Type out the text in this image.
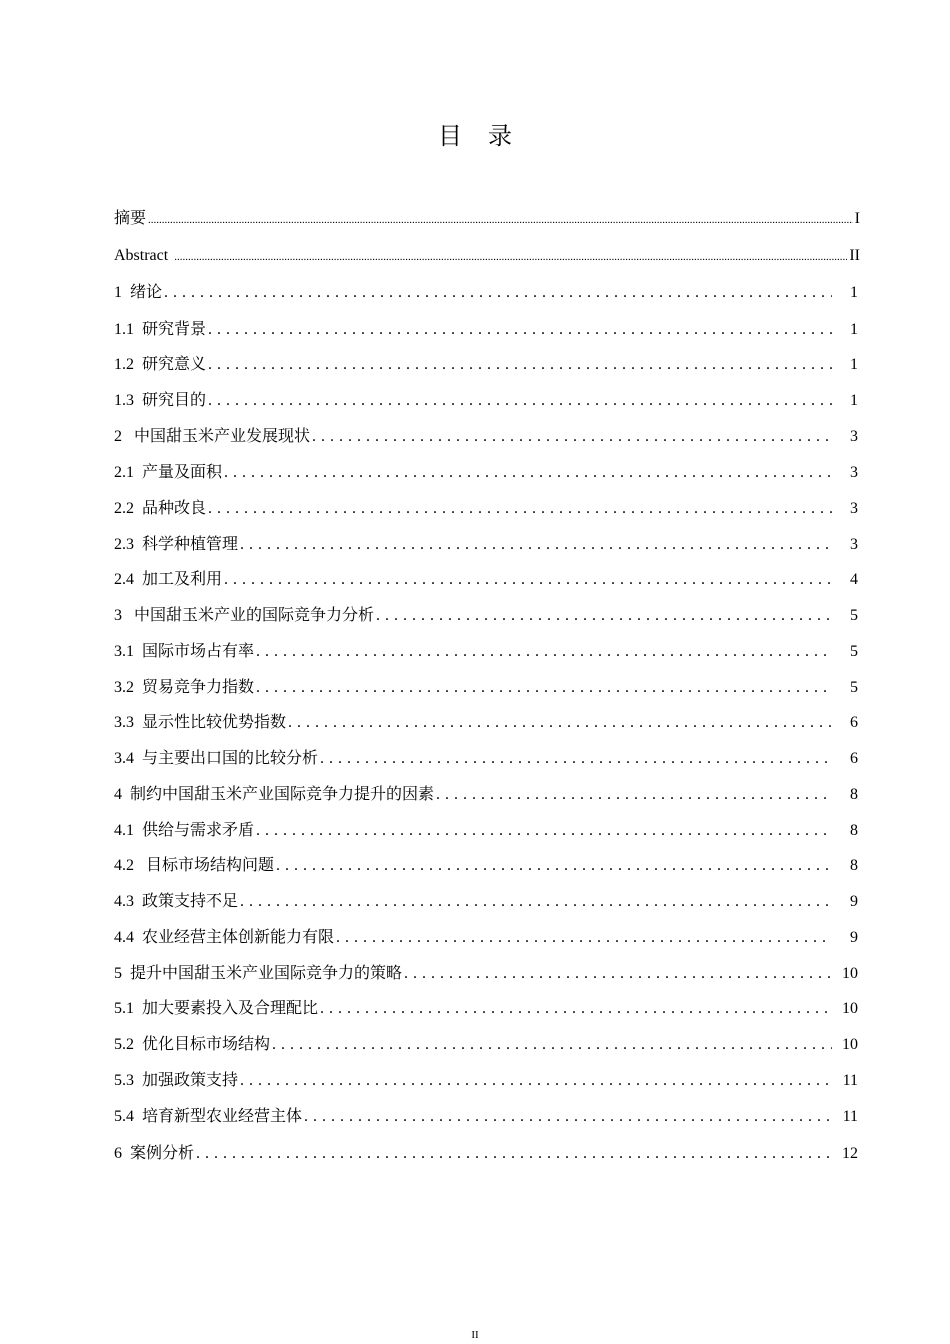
目 录
摘要 .....	I
Abstract .....	II
1  绪论 . . .	1
1.1  研究背景 . . .	1
1.2  研究意义 . . .	1
1.3  研究目的 . . .	1
2   中国甜玉米产业发展现状 . . .	3
2.1  产量及面积 . . .	3
2.2  品种改良 . . .	3
2.3  科学种植管理 . . .	3
2.4  加工及利用 . . .	4
3   中国甜玉米产业的国际竞争力分析 . . .	5
3.1  国际市场占有率 . . .	5
3.2  贸易竞争力指数 . . .	5
3.3  显示性比较优势指数 . . .	6
3.4  与主要出口国的比较分析 . . .	6
4  制约中国甜玉米产业国际竞争力提升的因素 . . .	8
4.1  供给与需求矛盾 . . .	8
4.2   目标市场结构问题 . . .	8
4.3  政策支持不足 . . .	9
4.4  农业经营主体创新能力有限 . . .	9
5  提升中国甜玉米产业国际竞争力的策略 . . .	10
5.1  加大要素投入及合理配比 . . .	10
5.2  优化目标市场结构 . . .	10
5.3  加强政策支持 . . .	11
5.4  培育新型农业经营主体 . . .	11
6  案例分析 . . .	12
II
